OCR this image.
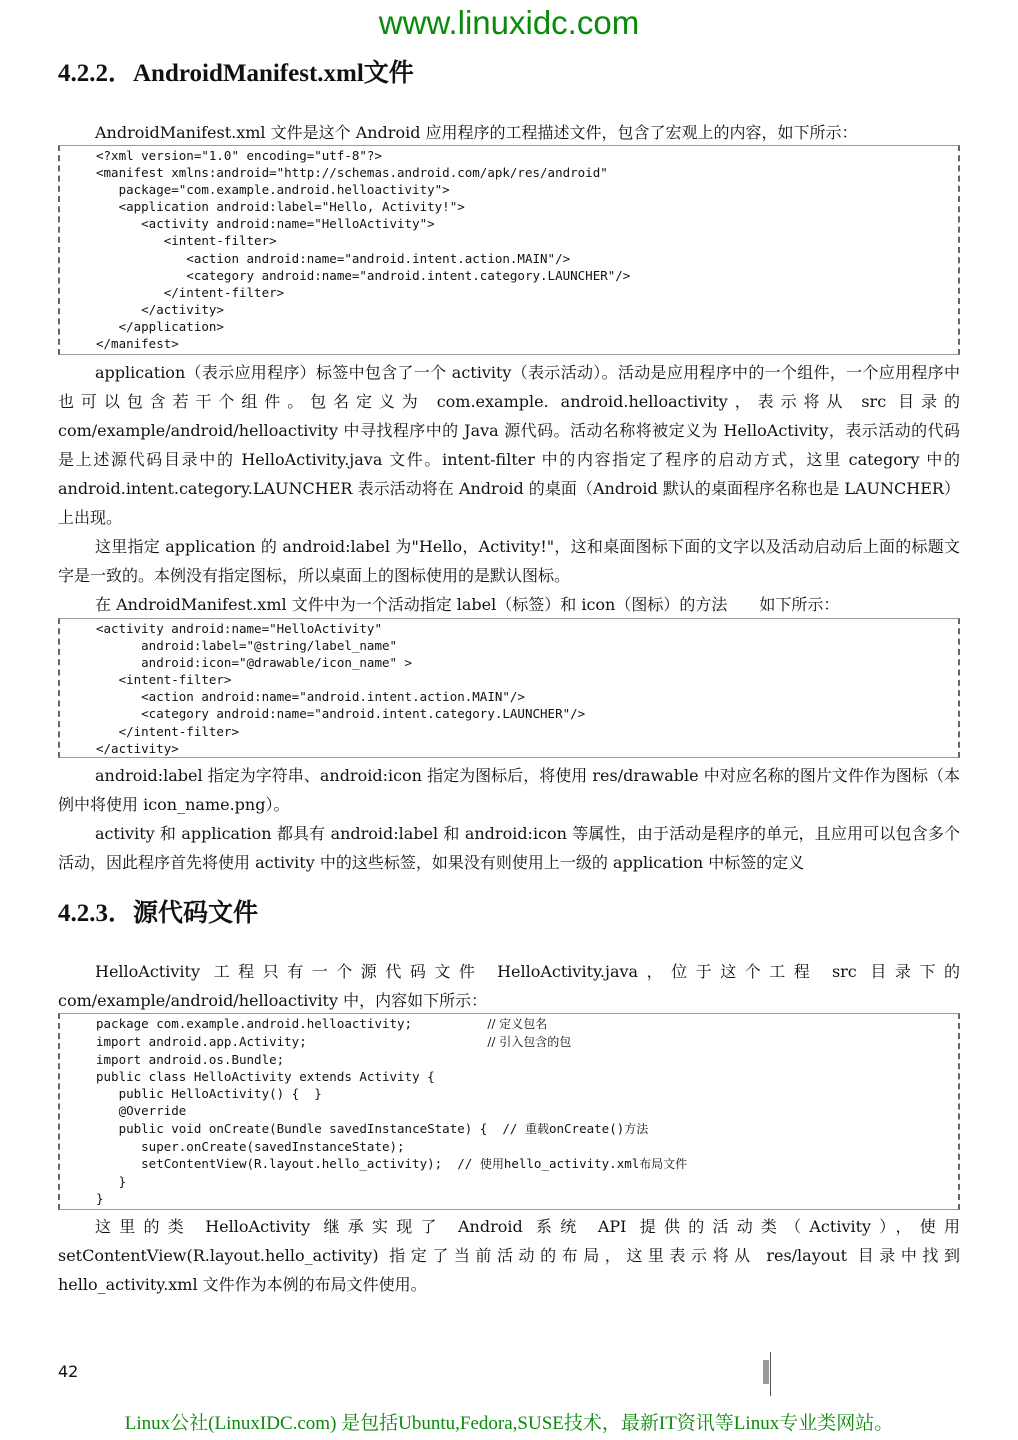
www.linuxidc.com
4.2.2．AndroidManifest.xml文件

AndroidManifest.xml 文件是这个 Android 应用程序的工程描述文件，包含了宏观上的内容，如下所示：

<?xml version="1.0" encoding="utf-8"?>
<manifest xmlns:android="http://schemas.android.com/apk/res/android"
package="com.example.android.helloactivity">
<application android:label="Hello, Activity!">
<activity android:name="HelloActivity">
<intent-filter>
<action android:name="android.intent.action.MAIN"/>
<category android:name="android.intent.category.LAUNCHER"/>
</intent-filter>
</activity>
</application>
</manifest>

application（表示应用程序）标签中包含了一个 activity（表示活动）。活动是应用程序中的一个组件，一个应用程序中也可以包含若干个组件。包名定义为 com.example. android.helloactivity，表示将从 src 目录的 com/example/android/helloactivity 中寻找程序中的 Java 源代码。活动名称将被定义为 HelloActivity，表示活动的代码是上述源代码目录中的 HelloActivity.java 文件。intent-filter 中的内容指定了程序的启动方式，这里 category 中的 android.intent.category.LAUNCHER 表示活动将在 Android 的桌面（Android 默认的桌面程序名称也是 LAUNCHER）上出现。

这里指定 application 的 android:label 为"Hello，Activity!"，这和桌面图标下面的文字以及活动启动后上面的标题文字是一致的。本例没有指定图标，所以桌面上的图标使用的是默认图标。

在 AndroidManifest.xml 文件中为一个活动指定 label（标签）和 icon（图标）的方法　　如下所示：

<activity android:name="HelloActivity"
android:label="@string/label_name"
android:icon="@drawable/icon_name" >
<intent-filter>
<action android:name="android.intent.action.MAIN"/>
<category android:name="android.intent.category.LAUNCHER"/>
</intent-filter>
</activity>

android:label 指定为字符串、android:icon 指定为图标后，将使用 res/drawable 中对应名称的图片文件作为图标（本例中将使用 icon_name.png）。

activity 和 application 都具有 android:label 和 android:icon 等属性，由于活动是程序的单元，且应用可以包含多个活动，因此程序首先将使用 activity 中的这些标签，如果没有则使用上一级的 application 中标签的定义

4.2.3．源代码文件

HelloActivity 工程只有一个源代码文件 HelloActivity.java，位于这个工程 src 目录下的 com/example/android/helloactivity 中，内容如下所示：

package com.example.android.helloactivity;          // 定义包名
import android.app.Activity;                        // 引入包含的包
import android.os.Bundle;
public class HelloActivity extends Activity {
public HelloActivity() {  }
@Override
public void onCreate(Bundle savedInstanceState) {  // 重载onCreate()方法
super.onCreate(savedInstanceState);
setContentView(R.layout.hello_activity);  // 使用hello_activity.xml布局文件
}
}

这里的类 HelloActivity 继承实现了 Android 系统 API 提供的活动类（Activity），使用 setContentView(R.layout.hello_activity) 指定了当前活动的布局，这里表示将从 res/layout 目录中找到 hello_activity.xml 文件作为本例的布局文件使用。

42
Linux公社(LinuxIDC.com) 是包括Ubuntu,Fedora,SUSE技术，最新IT资讯等Linux专业类网站。
